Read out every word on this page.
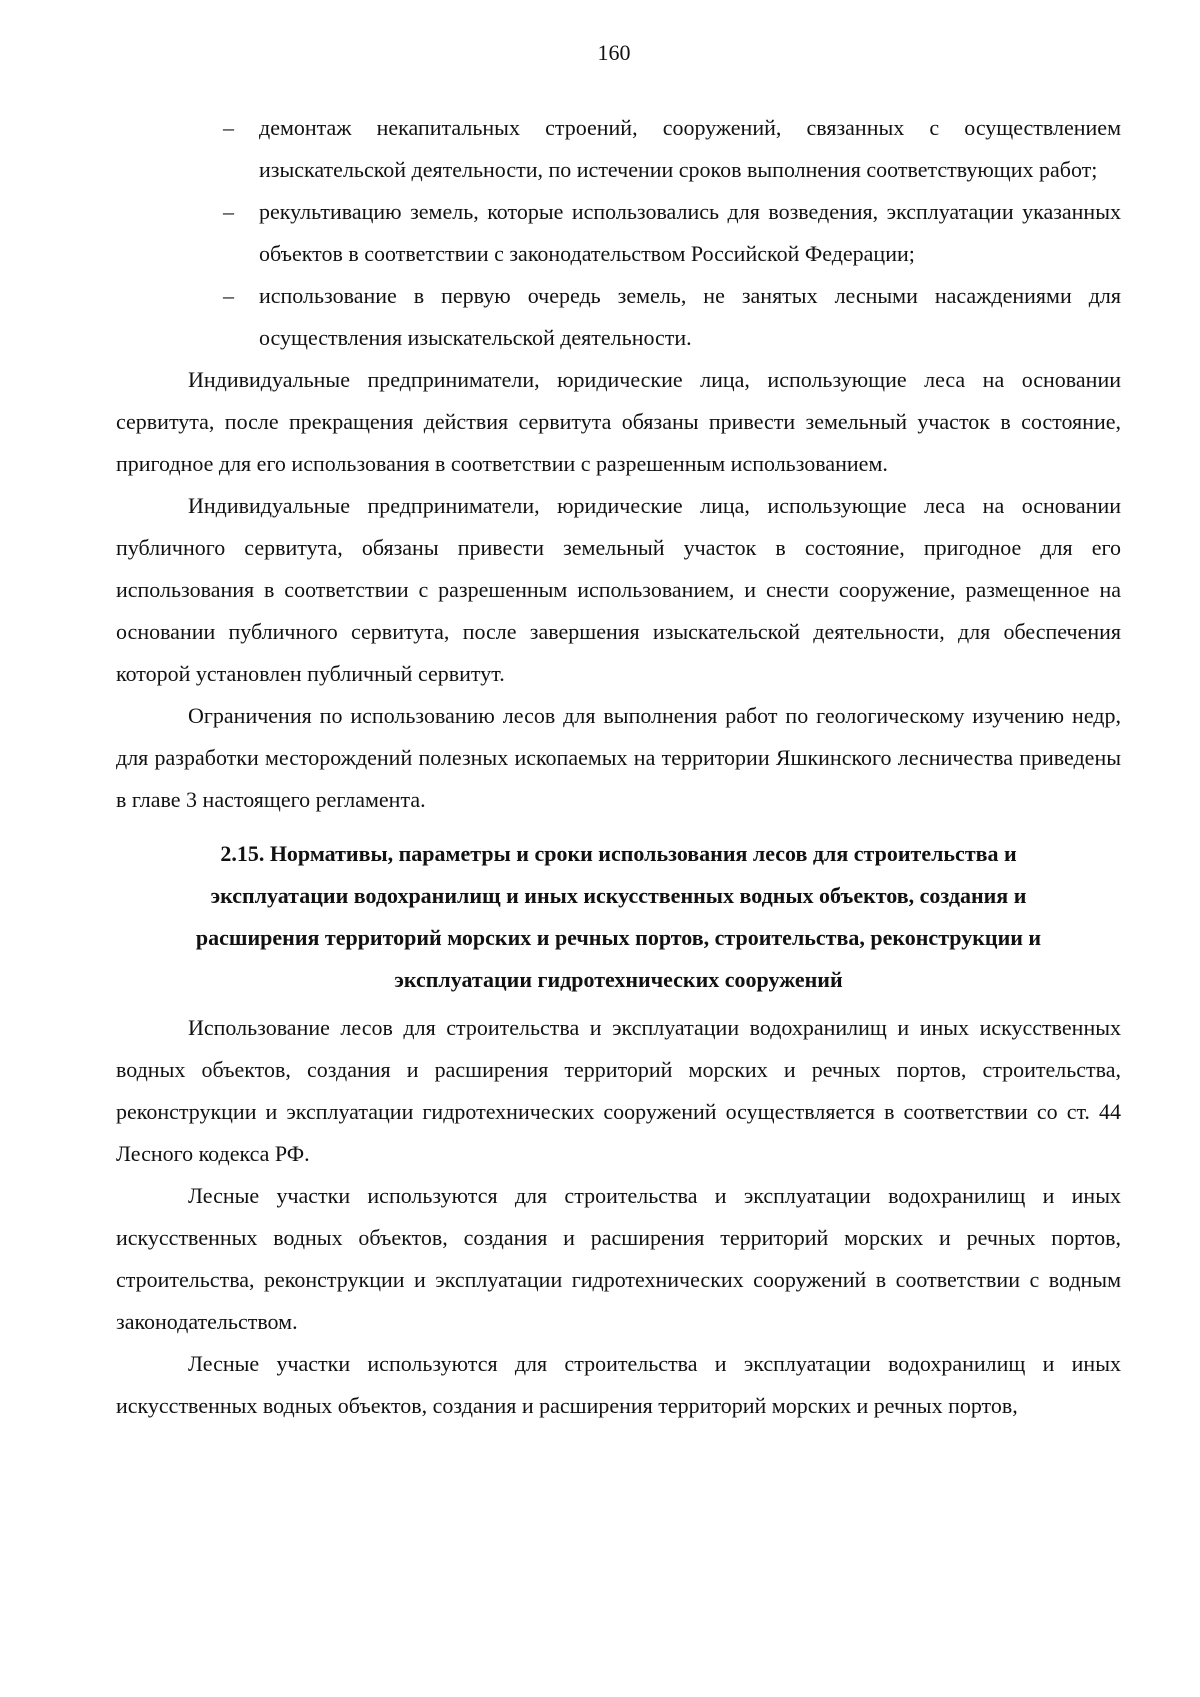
160
– демонтаж некапитальных строений, сооружений, связанных с осуществлением изыскательской деятельности, по истечении сроков выполнения соответствующих работ;
– рекультивацию земель, которые использовались для возведения, эксплуатации указанных объектов в соответствии с законодательством Российской Федерации;
– использование в первую очередь земель, не занятых лесными насаждениями для осуществления изыскательской деятельности.

Индивидуальные предприниматели, юридические лица, использующие леса на основании сервитута, после прекращения действия сервитута обязаны привести земельный участок в состояние, пригодное для его использования в соответствии с разрешенным использованием.

Индивидуальные предприниматели, юридические лица, использующие леса на основании публичного сервитута, обязаны привести земельный участок в состояние, пригодное для его использования в соответствии с разрешенным использованием, и снести сооружение, размещенное на основании публичного сервитута, после завершения изыскательской деятельности, для обеспечения которой установлен публичный сервитут.

Ограничения по использованию лесов для выполнения работ по геологическому изучению недр, для разработки месторождений полезных ископаемых на территории Яшкинского лесничества приведены в главе 3 настоящего регламента.

2.15. Нормативы, параметры и сроки использования лесов для строительства и
эксплуатации водохранилищ и иных искусственных водных объектов, создания и
расширения территорий морских и речных портов, строительства, реконструкции и
эксплуатации гидротехнических сооружений

Использование лесов для строительства и эксплуатации водохранилищ и иных искусственных водных объектов, создания и расширения территорий морских и речных портов, строительства, реконструкции и эксплуатации гидротехнических сооружений осуществляется в соответствии со ст. 44 Лесного кодекса РФ.

Лесные участки используются для строительства и эксплуатации водохранилищ и иных искусственных водных объектов, создания и расширения территорий морских и речных портов, строительства, реконструкции и эксплуатации гидротехнических сооружений в соответствии с водным законодательством.

Лесные участки используются для строительства и эксплуатации водохранилищ и иных искусственных водных объектов, создания и расширения территорий морских и речных портов,
